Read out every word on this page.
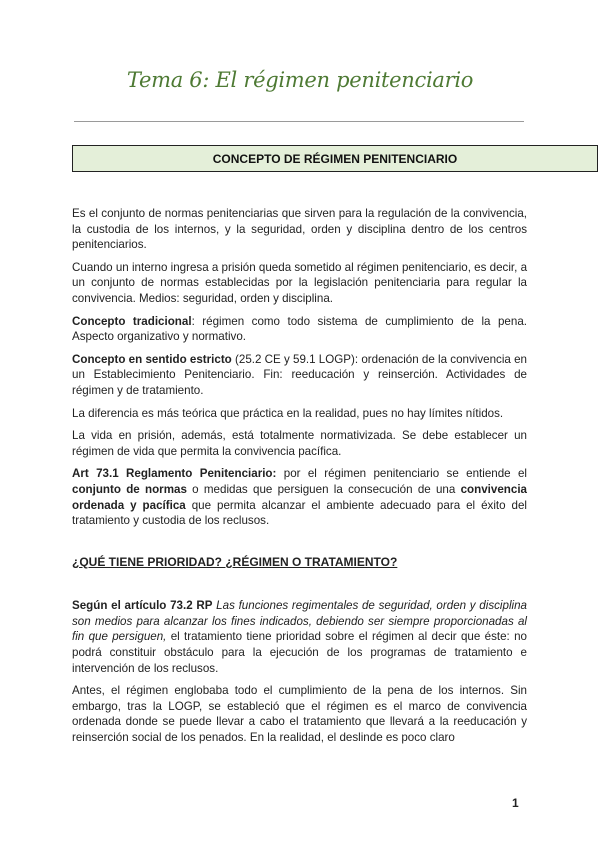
Tema 6: El régimen penitenciario
CONCEPTO DE RÉGIMEN PENITENCIARIO

Es el conjunto de normas penitenciarias que sirven para la regulación de la convivencia, la custodia de los internos, y la seguridad, orden y disciplina dentro de los centros penitenciarios.

Cuando un interno ingresa a prisión queda sometido al régimen penitenciario, es decir, a un conjunto de normas establecidas por la legislación penitenciaria para regular la convivencia. Medios: seguridad, orden y disciplina.

Concepto tradicional: régimen como todo sistema de cumplimiento de la pena. Aspecto organizativo y normativo.

Concepto en sentido estricto (25.2 CE y 59.1 LOGP): ordenación de la convivencia en un Establecimiento Penitenciario. Fin: reeducación y reinserción. Actividades de régimen y de tratamiento.

La diferencia es más teórica que práctica en la realidad, pues no hay límites nítidos.

La vida en prisión, además, está totalmente normativizada. Se debe establecer un régimen de vida que permita la convivencia pacífica.

Art 73.1 Reglamento Penitenciario: por el régimen penitenciario se entiende el conjunto de normas o medidas que persiguen la consecución de una convivencia ordenada y pacífica que permita alcanzar el ambiente adecuado para el éxito del tratamiento y custodia de los reclusos.

¿QUÉ TIENE PRIORIDAD? ¿RÉGIMEN O TRATAMIENTO?

Según el artículo 73.2 RP Las funciones regimentales de seguridad, orden y disciplina son medios para alcanzar los fines indicados, debiendo ser siempre proporcionadas al fin que persiguen, el tratamiento tiene prioridad sobre el régimen al decir que éste: no podrá constituir obstáculo para la ejecución de los programas de tratamiento e intervención de los reclusos.

Antes, el régimen englobaba todo el cumplimiento de la pena de los internos. Sin embargo, tras la LOGP, se estableció que el régimen es el marco de convivencia ordenada donde se puede llevar a cabo el tratamiento que llevará a la reeducación y reinserción social de los penados. En la realidad, el deslinde es poco claro

1
